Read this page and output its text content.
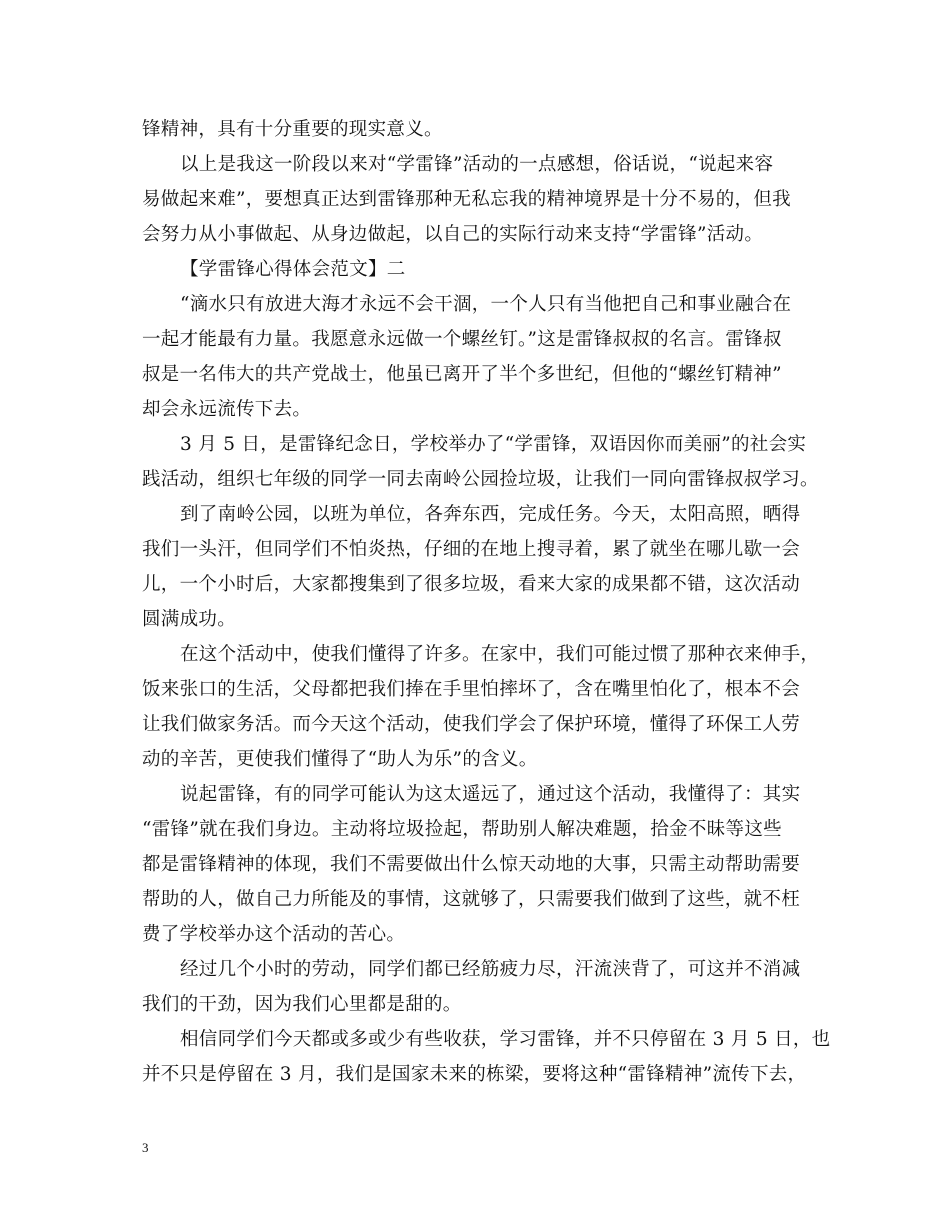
锋精神，具有十分重要的现实意义。
以上是我这一阶段以来对“学雷锋”活动的一点感想，俗话说，“说起来容
易做起来难”，要想真正达到雷锋那种无私忘我的精神境界是十分不易的，但我
会努力从小事做起、从身边做起，以自己的实际行动来支持“学雷锋”活动。
【学雷锋心得体会范文】二
“滴水只有放进大海才永远不会干涸，一个人只有当他把自己和事业融合在
一起才能最有力量。我愿意永远做一个螺丝钉。”这是雷锋叔叔的名言。雷锋叔
叔是一名伟大的共产党战士，他虽已离开了半个多世纪，但他的“螺丝钉精神”
却会永远流传下去。
3 月 5 日，是雷锋纪念日，学校举办了“学雷锋，双语因你而美丽”的社会实
践活动，组织七年级的同学一同去南岭公园捡垃圾，让我们一同向雷锋叔叔学习。
到了南岭公园，以班为单位，各奔东西，完成任务。今天，太阳高照，晒得
我们一头汗，但同学们不怕炎热，仔细的在地上搜寻着，累了就坐在哪儿歇一会
儿，一个小时后，大家都搜集到了很多垃圾，看来大家的成果都不错，这次活动
圆满成功。
在这个活动中，使我们懂得了许多。在家中，我们可能过惯了那种衣来伸手，
饭来张口的生活，父母都把我们捧在手里怕摔坏了，含在嘴里怕化了，根本不会
让我们做家务活。而今天这个活动，使我们学会了保护环境，懂得了环保工人劳
动的辛苦，更使我们懂得了“助人为乐”的含义。
说起雷锋，有的同学可能认为这太遥远了，通过这个活动，我懂得了：其实
“雷锋”就在我们身边。主动将垃圾捡起，帮助别人解决难题，拾金不昧等这些
都是雷锋精神的体现，我们不需要做出什么惊天动地的大事，只需主动帮助需要
帮助的人，做自己力所能及的事情，这就够了，只需要我们做到了这些，就不枉
费了学校举办这个活动的苦心。
经过几个小时的劳动，同学们都已经筋疲力尽，汗流浃背了，可这并不消减
我们的干劲，因为我们心里都是甜的。
相信同学们今天都或多或少有些收获，学习雷锋，并不只停留在 3 月 5 日，也
并不只是停留在 3 月，我们是国家未来的栋梁，要将这种“雷锋精神”流传下去，
3
